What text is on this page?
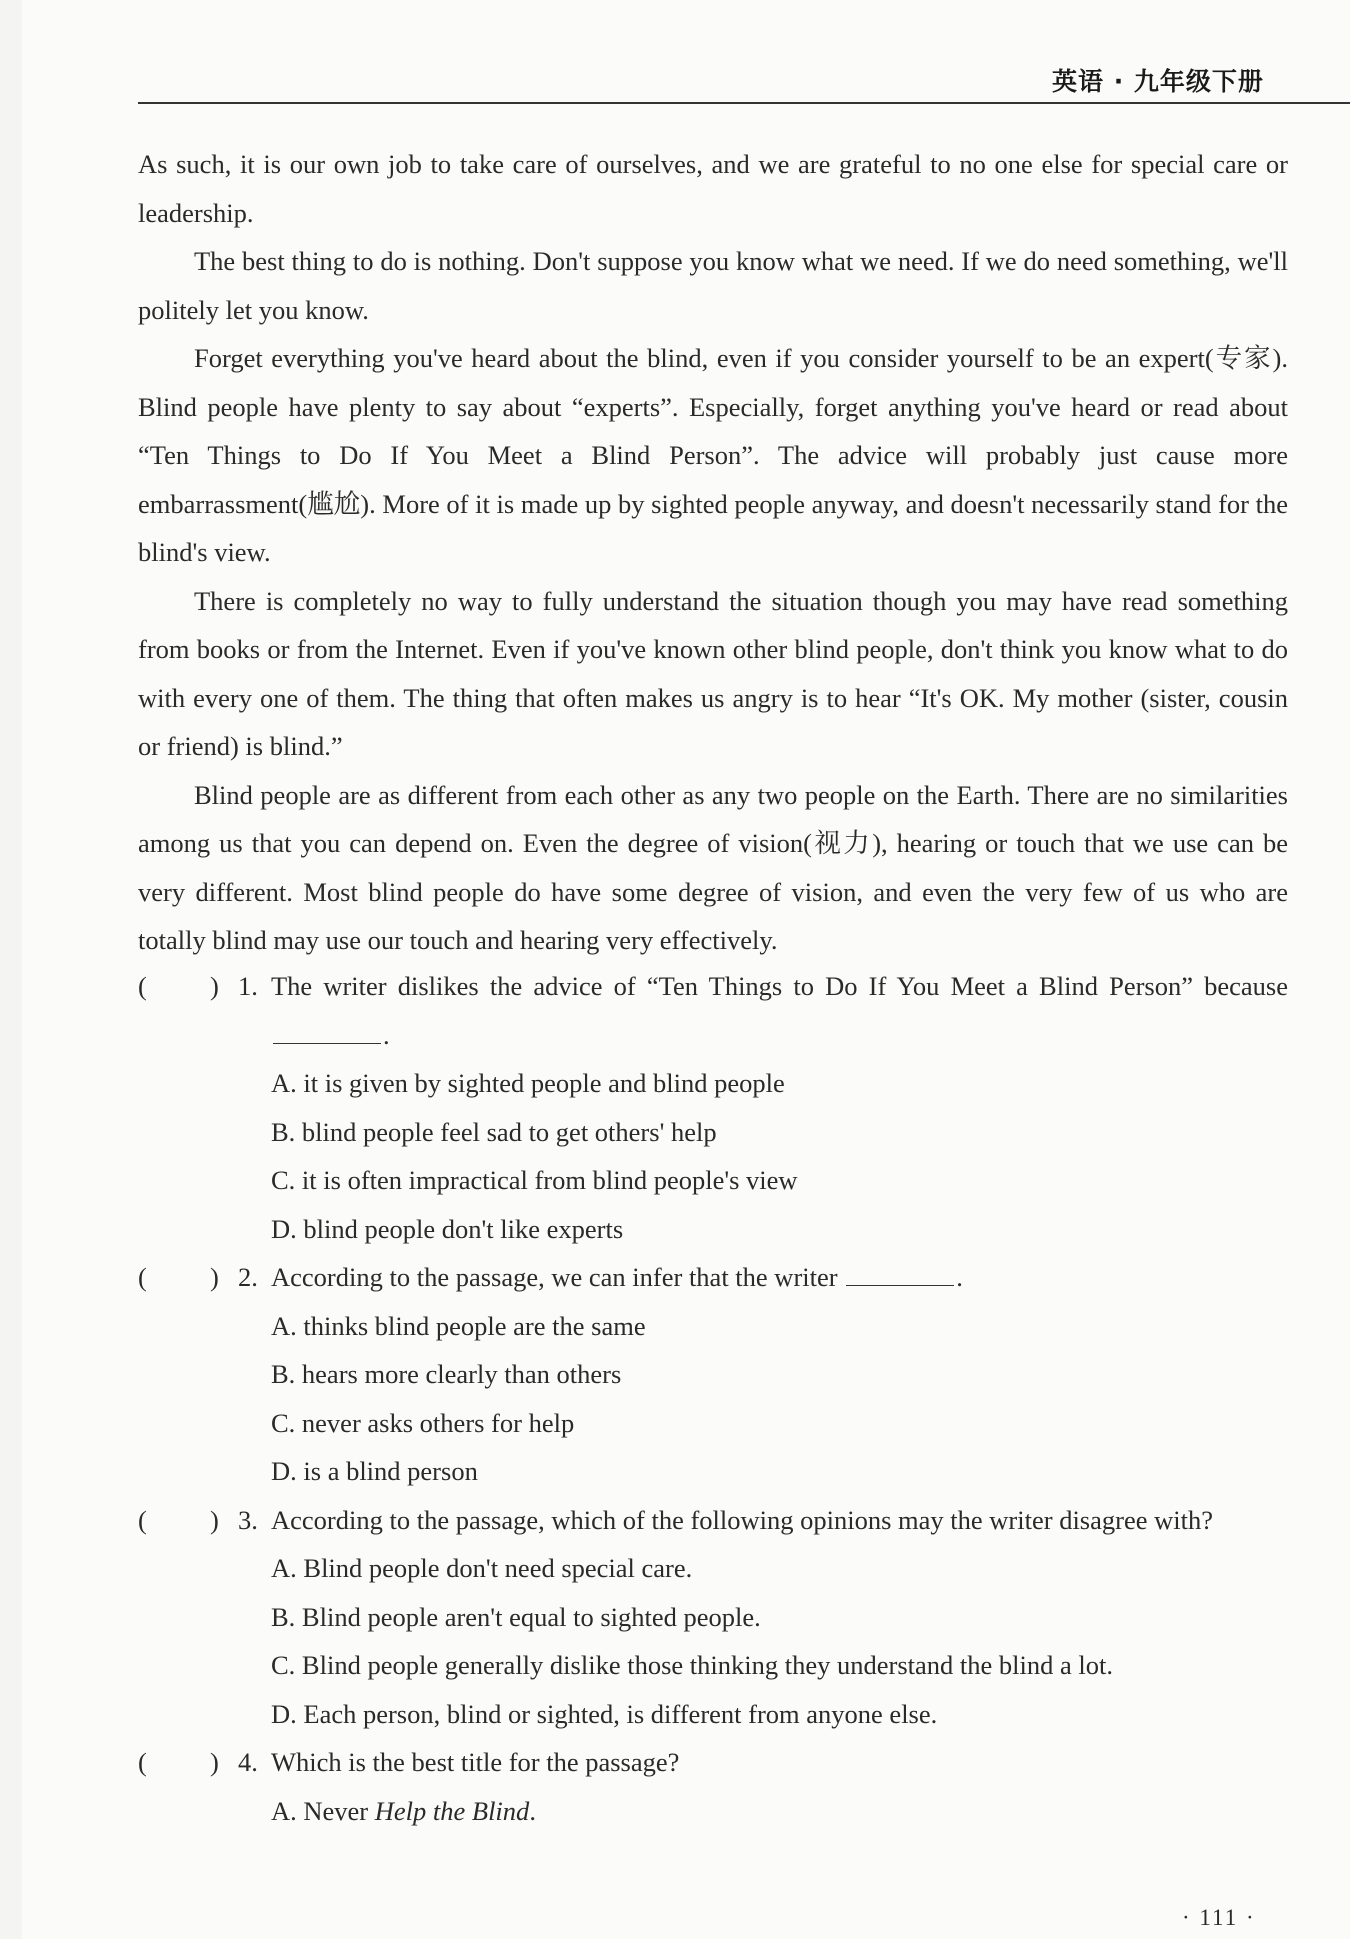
英语 · 九年级下册

As such, it is our own job to take care of ourselves, and we are grateful to no one else for special care or leadership.

The best thing to do is nothing. Don't suppose you know what we need. If we do need something, we'll politely let you know.

Forget everything you've heard about the blind, even if you consider yourself to be an expert(专家). Blind people have plenty to say about “experts”. Especially, forget anything you've heard or read about “Ten Things to Do If You Meet a Blind Person”. The advice will probably just cause more embarrassment(尴尬). More of it is made up by sighted people anyway, and doesn't necessarily stand for the blind's view.

There is completely no way to fully understand the situation though you may have read something from books or from the Internet. Even if you've known other blind people, don't think you know what to do with every one of them. The thing that often makes us angry is to hear “It's OK. My mother (sister, cousin or friend) is blind.”

Blind people are as different from each other as any two people on the Earth. There are no similarities among us that you can depend on. Even the degree of vision(视力), hearing or touch that we use can be very different. Most blind people do have some degree of vision, and even the very few of us who are totally blind may use our touch and hearing very effectively.

( ) 1. The writer dislikes the advice of “Ten Things to Do If You Meet a Blind Person” because .
A. it is given by sighted people and blind people
B. blind people feel sad to get others' help
C. it is often impractical from blind people's view
D. blind people don't like experts
( ) 2. According to the passage, we can infer that the writer	.
A. thinks blind people are the same
B. hears more clearly than others
C. never asks others for help
D. is a blind person
( ) 3. According to the passage, which of the following opinions may the writer disagree with?
A. Blind people don't need special care.
B. Blind people aren't equal to sighted people.
C. Blind people generally dislike those thinking they understand the blind a lot.
D. Each person, blind or sighted, is different from anyone else.
( ) 4. Which is the best title for the passage?
A. Never Help the Blind.
· 111 ·
